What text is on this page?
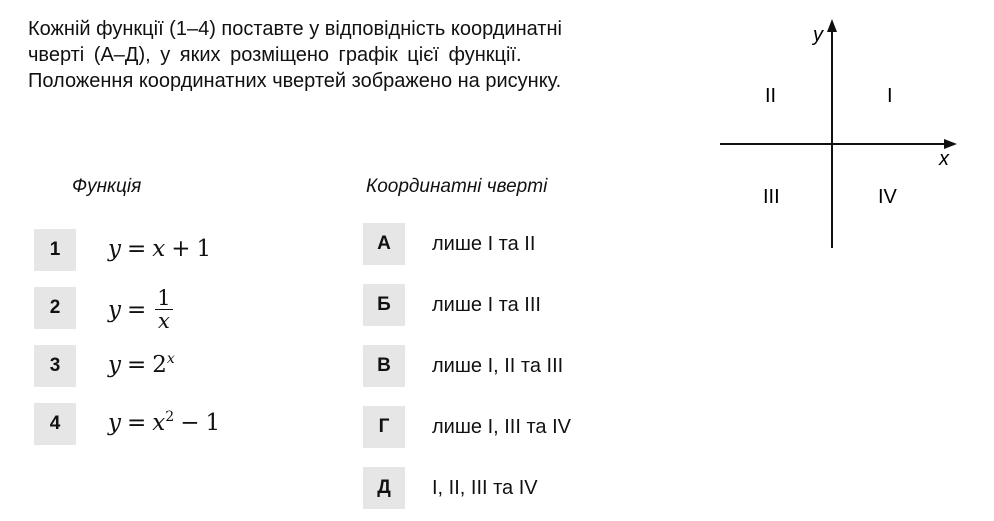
Кожній функції (1–4) поставте у відповідність координатні
чверті (А–Д), у яких розміщено графік цієї функції.
Положення координатних чвертей зображено на рисунку.
Функція	Координатні чверті
1	y = x + 1
2	$y = \frac{1}{x}$
3	$y = 2^x$
4	$y = x^2 - 1$
А	лише I та II
Б	лише I та III
В	лише I, II та III
Г	лише I, III та IV
Д	I, II, III та IV
y
x
I
II
III	IV
